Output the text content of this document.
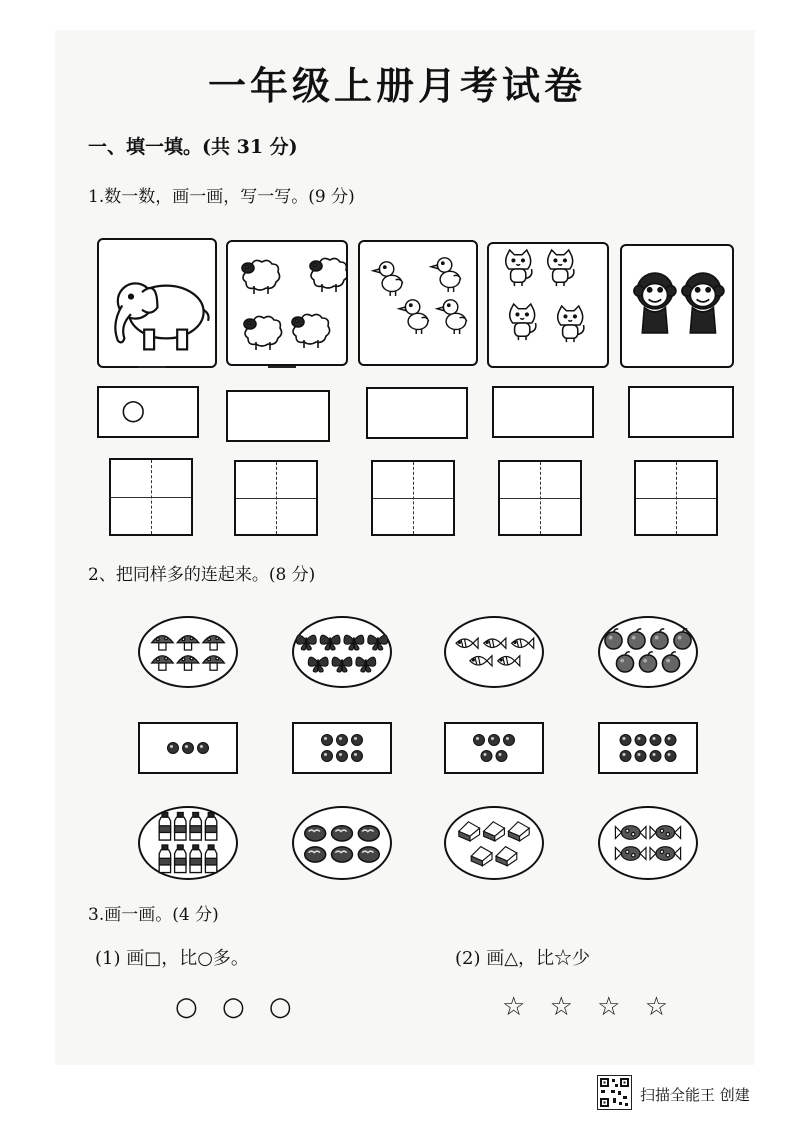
一年级上册月考试卷
一、填一填。(共 31 分)
1.数一数，画一画，写一写。(9 分)
○
2、把同样多的连起来。(8 分)
3.画一画。(4 分)
(1) 画□，比○多。	(2) 画△，比☆少
○ ○ ○	☆ ☆ ☆ ☆
扫描全能王 创建
